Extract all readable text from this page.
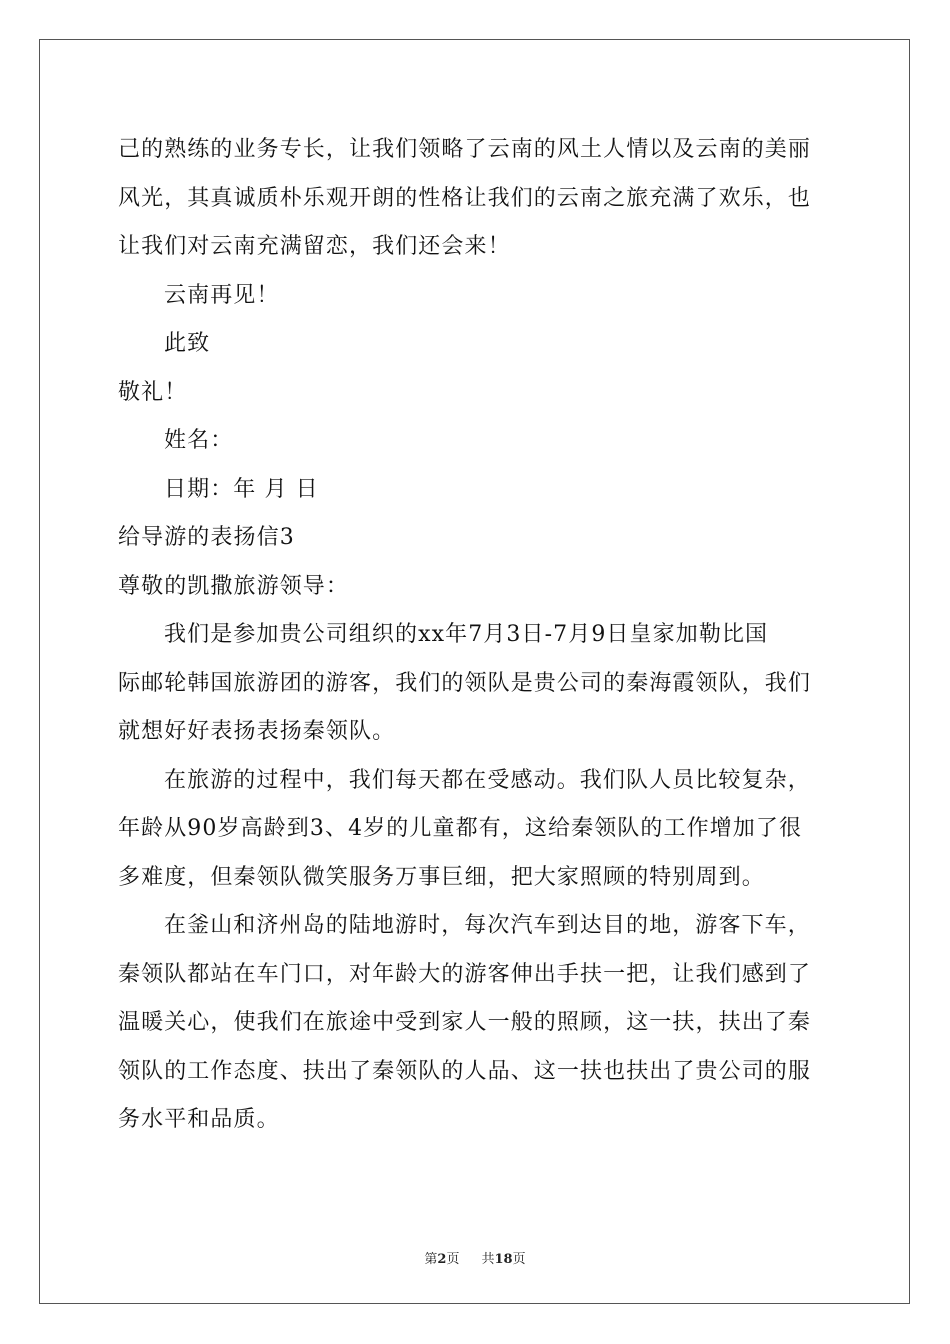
己的熟练的业务专长，让我们领略了云南的风土人情以及云南的美丽
风光，其真诚质朴乐观开朗的性格让我们的云南之旅充满了欢乐，也
让我们对云南充满留恋，我们还会来！
云南再见！
此致
敬礼！
姓名：
日期：年 月 日
给导游的表扬信3
尊敬的凯撒旅游领导：
我们是参加贵公司组织的xx年7月3日-7月9日皇家加勒比国
际邮轮韩国旅游团的游客，我们的领队是贵公司的秦海霞领队，我们
就想好好表扬表扬秦领队。
在旅游的过程中，我们每天都在受感动。我们队人员比较复杂，
年龄从90岁高龄到3、4岁的儿童都有，这给秦领队的工作增加了很
多难度，但秦领队微笑服务万事巨细，把大家照顾的特别周到。
在釜山和济州岛的陆地游时，每次汽车到达目的地，游客下车，
秦领队都站在车门口，对年龄大的游客伸出手扶一把，让我们感到了
温暖关心，使我们在旅途中受到家人一般的照顾，这一扶，扶出了秦
领队的工作态度、扶出了秦领队的人品、这一扶也扶出了贵公司的服
务水平和品质。
第2页 共18页
